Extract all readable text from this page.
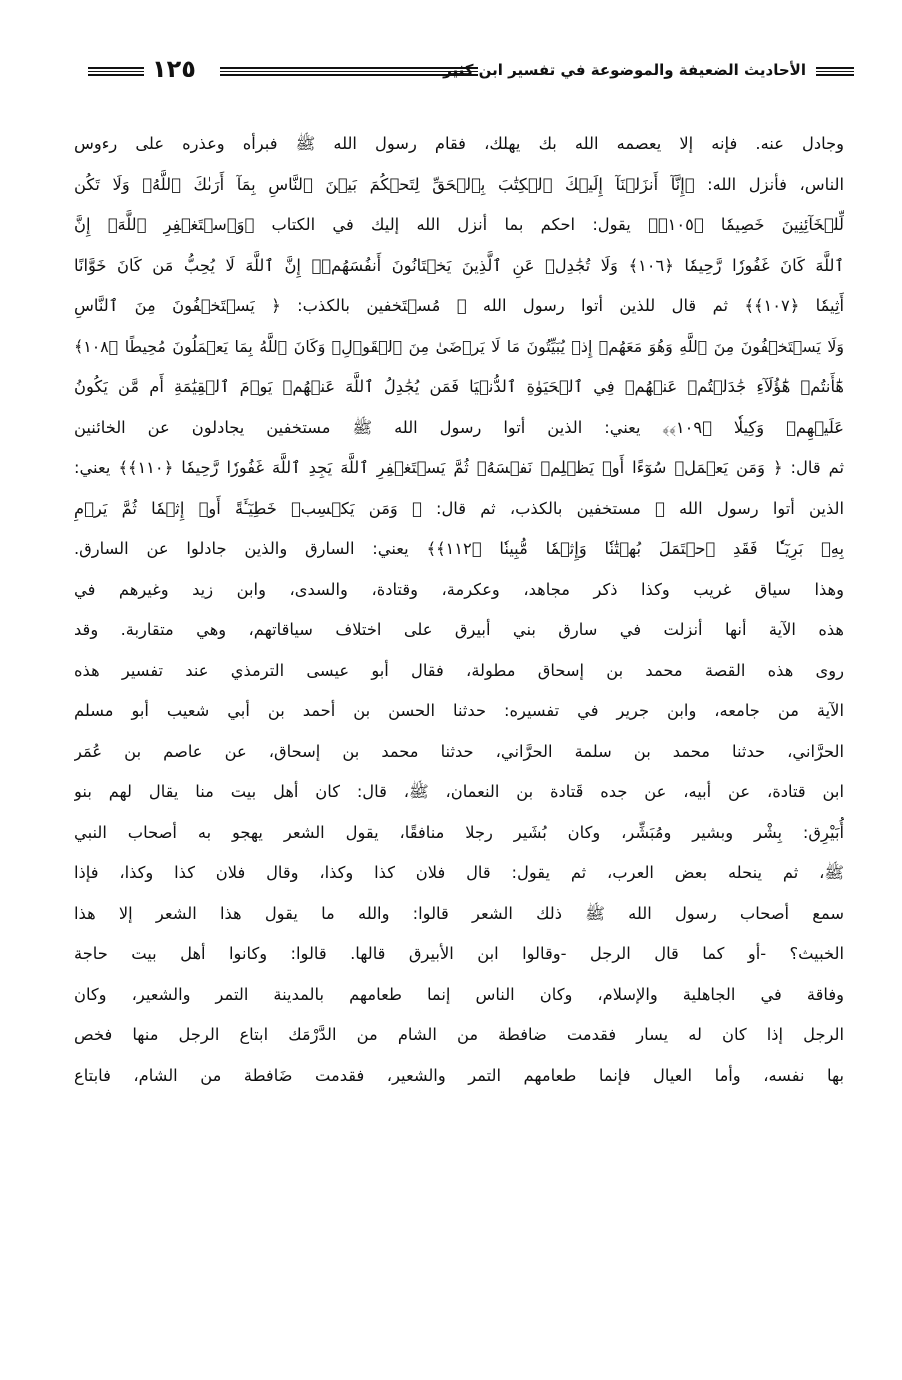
الأحاديث الضعيفة والموضوعة في تفسير ابن كثير
١٢٥
وجادل عنه. فإنه إلا يعصمه الله بك يهلك، فقام رسول الله ﷺ فبرأه وعذره على رءوس
الناس، فأنزل الله: ﴿إِنَّآ أَنزَلۡنَآ إِلَيۡكَ ٱلۡكِتَٰبَ بِٱلۡحَقِّ لِتَحۡكُمَ بَيۡنَ ٱلنَّاسِ بِمَآ أَرَىٰكَ ٱللَّهُۚ وَلَا تَكُن
لِّلۡخَآئِنِينَ خَصِيمٗا ﴿١٠٥﴾﴾ يقول: احكم بما أنزل الله إليك في الكتاب ﴿وَٱسۡتَغۡفِرِ ٱللَّهَۖ إِنَّ
ٱللَّهَ كَانَ غَفُورٗا رَّحِيمٗا ﴿١٠٦﴾ وَلَا تُجَٰدِلۡ عَنِ ٱلَّذِينَ يَخۡتَانُونَ أَنفُسَهُمۡۚ إِنَّ ٱللَّهَ لَا يُحِبُّ مَن كَانَ خَوَّانًا
أَثِيمٗا ﴿١٠٧﴾﴾ ثم قال للذين أتوا رسول الله ﷺ مُسۡتَخفين بالكذب: ﴿ يَسۡتَخۡفُونَ مِنَ ٱلنَّاسِ
وَلَا يَسۡتَخۡفُونَ مِنَ ٱللَّهِ وَهُوَ مَعَهُمۡ إِذۡ يُبَيِّتُونَ مَا لَا يَرۡضَىٰ مِنَ ٱلۡقَوۡلِۚ وَكَانَ ٱللَّهُ بِمَا يَعۡمَلُونَ مُحِيطًا ﴿١٠٨﴾
هَٰٓأَنتُمۡ هَٰٓؤُلَآءِ جَٰدَلۡتُمۡ عَنۡهُمۡ فِي ٱلۡحَيَوٰةِ ٱلدُّنۡيَا فَمَن يُجَٰدِلُ ٱللَّهَ عَنۡهُمۡ يَوۡمَ ٱلۡقِيَٰمَةِ أَم مَّن يَكُونُ
عَلَيۡهِمۡ وَكِيلٗا ﴿١٠٩﴾﴾ يعني: الذين أتوا رسول الله ﷺ مستخفين يجادلون عن الخائنين
ثم قال: ﴿ وَمَن يَعۡمَلۡ سُوٓءًا أَوۡ يَظۡلِمۡ نَفۡسَهُۥ ثُمَّ يَسۡتَغۡفِرِ ٱللَّهَ يَجِدِ ٱللَّهَ غَفُورٗا رَّحِيمٗا ﴿١١٠﴾﴾ يعني:
الذين أتوا رسول الله ﷺ مستخفين بالكذب، ثم قال: ﴿ وَمَن يَكۡسِبۡ خَطِيٓـَٔةً أَوۡ إِثۡمٗا ثُمَّ يَرۡمِ
بِهِۦ بَرِيٓـٔٗا فَقَدِ ٱحۡتَمَلَ بُهۡتَٰنٗا وَإِثۡمٗا مُّبِينٗا ﴿١١٢﴾﴾ يعني: السارق والذين جادلوا عن السارق.
وهذا سياق غريب وكذا ذكر مجاهد، وعكرمة، وقتادة، والسدى، وابن زيد وغيرهم في
هذه الآية أنها أنزلت في سارق بني أبيرق على اختلاف سياقاتهم، وهي متقاربة. وقد
روى هذه القصة محمد بن إسحاق مطولة، فقال أبو عيسى الترمذي عند تفسير هذه
الآية من جامعه، وابن جرير في تفسيره: حدثنا الحسن بن أحمد بن أبي شعيب أبو مسلم
الحرَّاني، حدثنا محمد بن سلمة الحرَّاني، حدثنا محمد بن إسحاق، عن عاصم بن عُمَر
ابن قتادة، عن أبيه، عن جده قَتادة بن النعمان، ﷺ، قال: كان أهل بيت منا يقال لهم بنو
أُبَيْرِق: بِشْر وبشير ومُبَشِّر، وكان بُشَير رجلا منافقًا، يقول الشعر يهجو به أصحاب النبي
ﷺ، ثم ينحله بعض العرب، ثم يقول: قال فلان كذا وكذا، وقال فلان كذا وكذا، فإذا
سمع أصحاب رسول الله ﷺ ذلك الشعر قالوا: والله ما يقول هذا الشعر إلا هذا
الخبيث؟ -أو كما قال الرجل -وقالوا ابن الأبيرق قالها. قالوا: وكانوا أهل بيت حاجة
وفاقة في الجاهلية والإسلام، وكان الناس إنما طعامهم بالمدينة التمر والشعير، وكان
الرجل إذا كان له يسار فقدمت ضافطة من الشام من الدَّرْمَك ابتاع الرجل منها فخص
بها نفسه، وأما العيال فإنما طعامهم التمر والشعير، فقدمت ضَافطة من الشام، فابتاع
